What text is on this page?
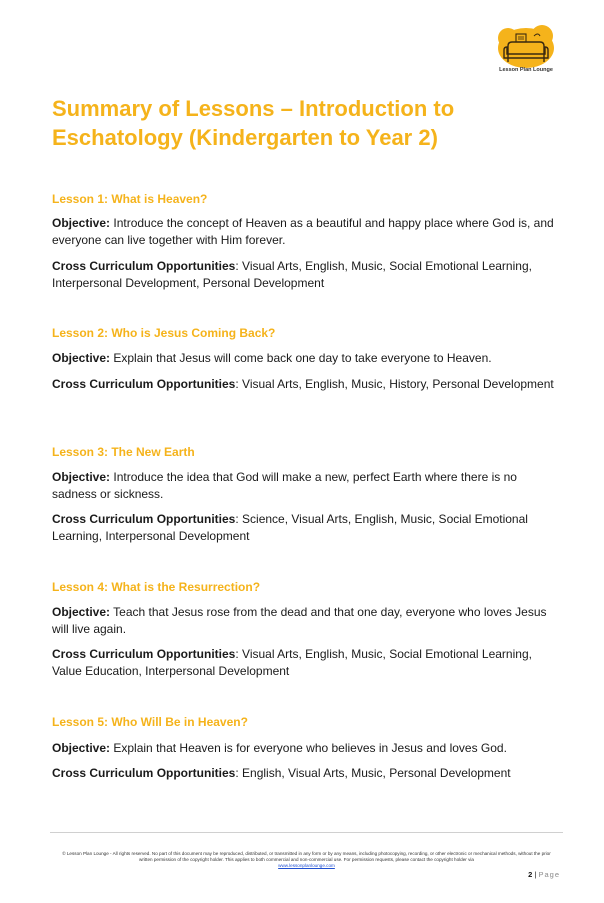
Lesson Plan Lounge
Summary of Lessons – Introduction to Eschatology (Kindergarten to Year 2)

Lesson 1: What is Heaven?

Objective: Introduce the concept of Heaven as a beautiful and happy place where God is, and everyone can live together with Him forever.

Cross Curriculum Opportunities: Visual Arts, English, Music, Social Emotional Learning, Interpersonal Development, Personal Development

Lesson 2: Who is Jesus Coming Back?

Objective: Explain that Jesus will come back one day to take everyone to Heaven.

Cross Curriculum Opportunities: Visual Arts, English, Music, History, Personal Development

Lesson 3: The New Earth

Objective: Introduce the idea that God will make a new, perfect Earth where there is no sadness or sickness.

Cross Curriculum Opportunities: Science, Visual Arts, English, Music, Social Emotional Learning, Interpersonal Development

Lesson 4: What is the Resurrection?

Objective: Teach that Jesus rose from the dead and that one day, everyone who loves Jesus will live again.

Cross Curriculum Opportunities: Visual Arts, English, Music, Social Emotional Learning, Value Education, Interpersonal Development

Lesson 5: Who Will Be in Heaven?

Objective: Explain that Heaven is for everyone who believes in Jesus and loves God.

Cross Curriculum Opportunities: English, Visual Arts, Music, Personal Development

© Lesson Plan Lounge - All rights reserved. No part of this document may be reproduced, distributed, or transmitted in any form or by any means, including photocopying, recording, or other electronic or mechanical methods, without the prior written permission of the copyright holder. This applies to both commercial and non-commercial use. For permission requests, please contact the copyright holder via
www.lessonplanlounge.com

2 | Page
